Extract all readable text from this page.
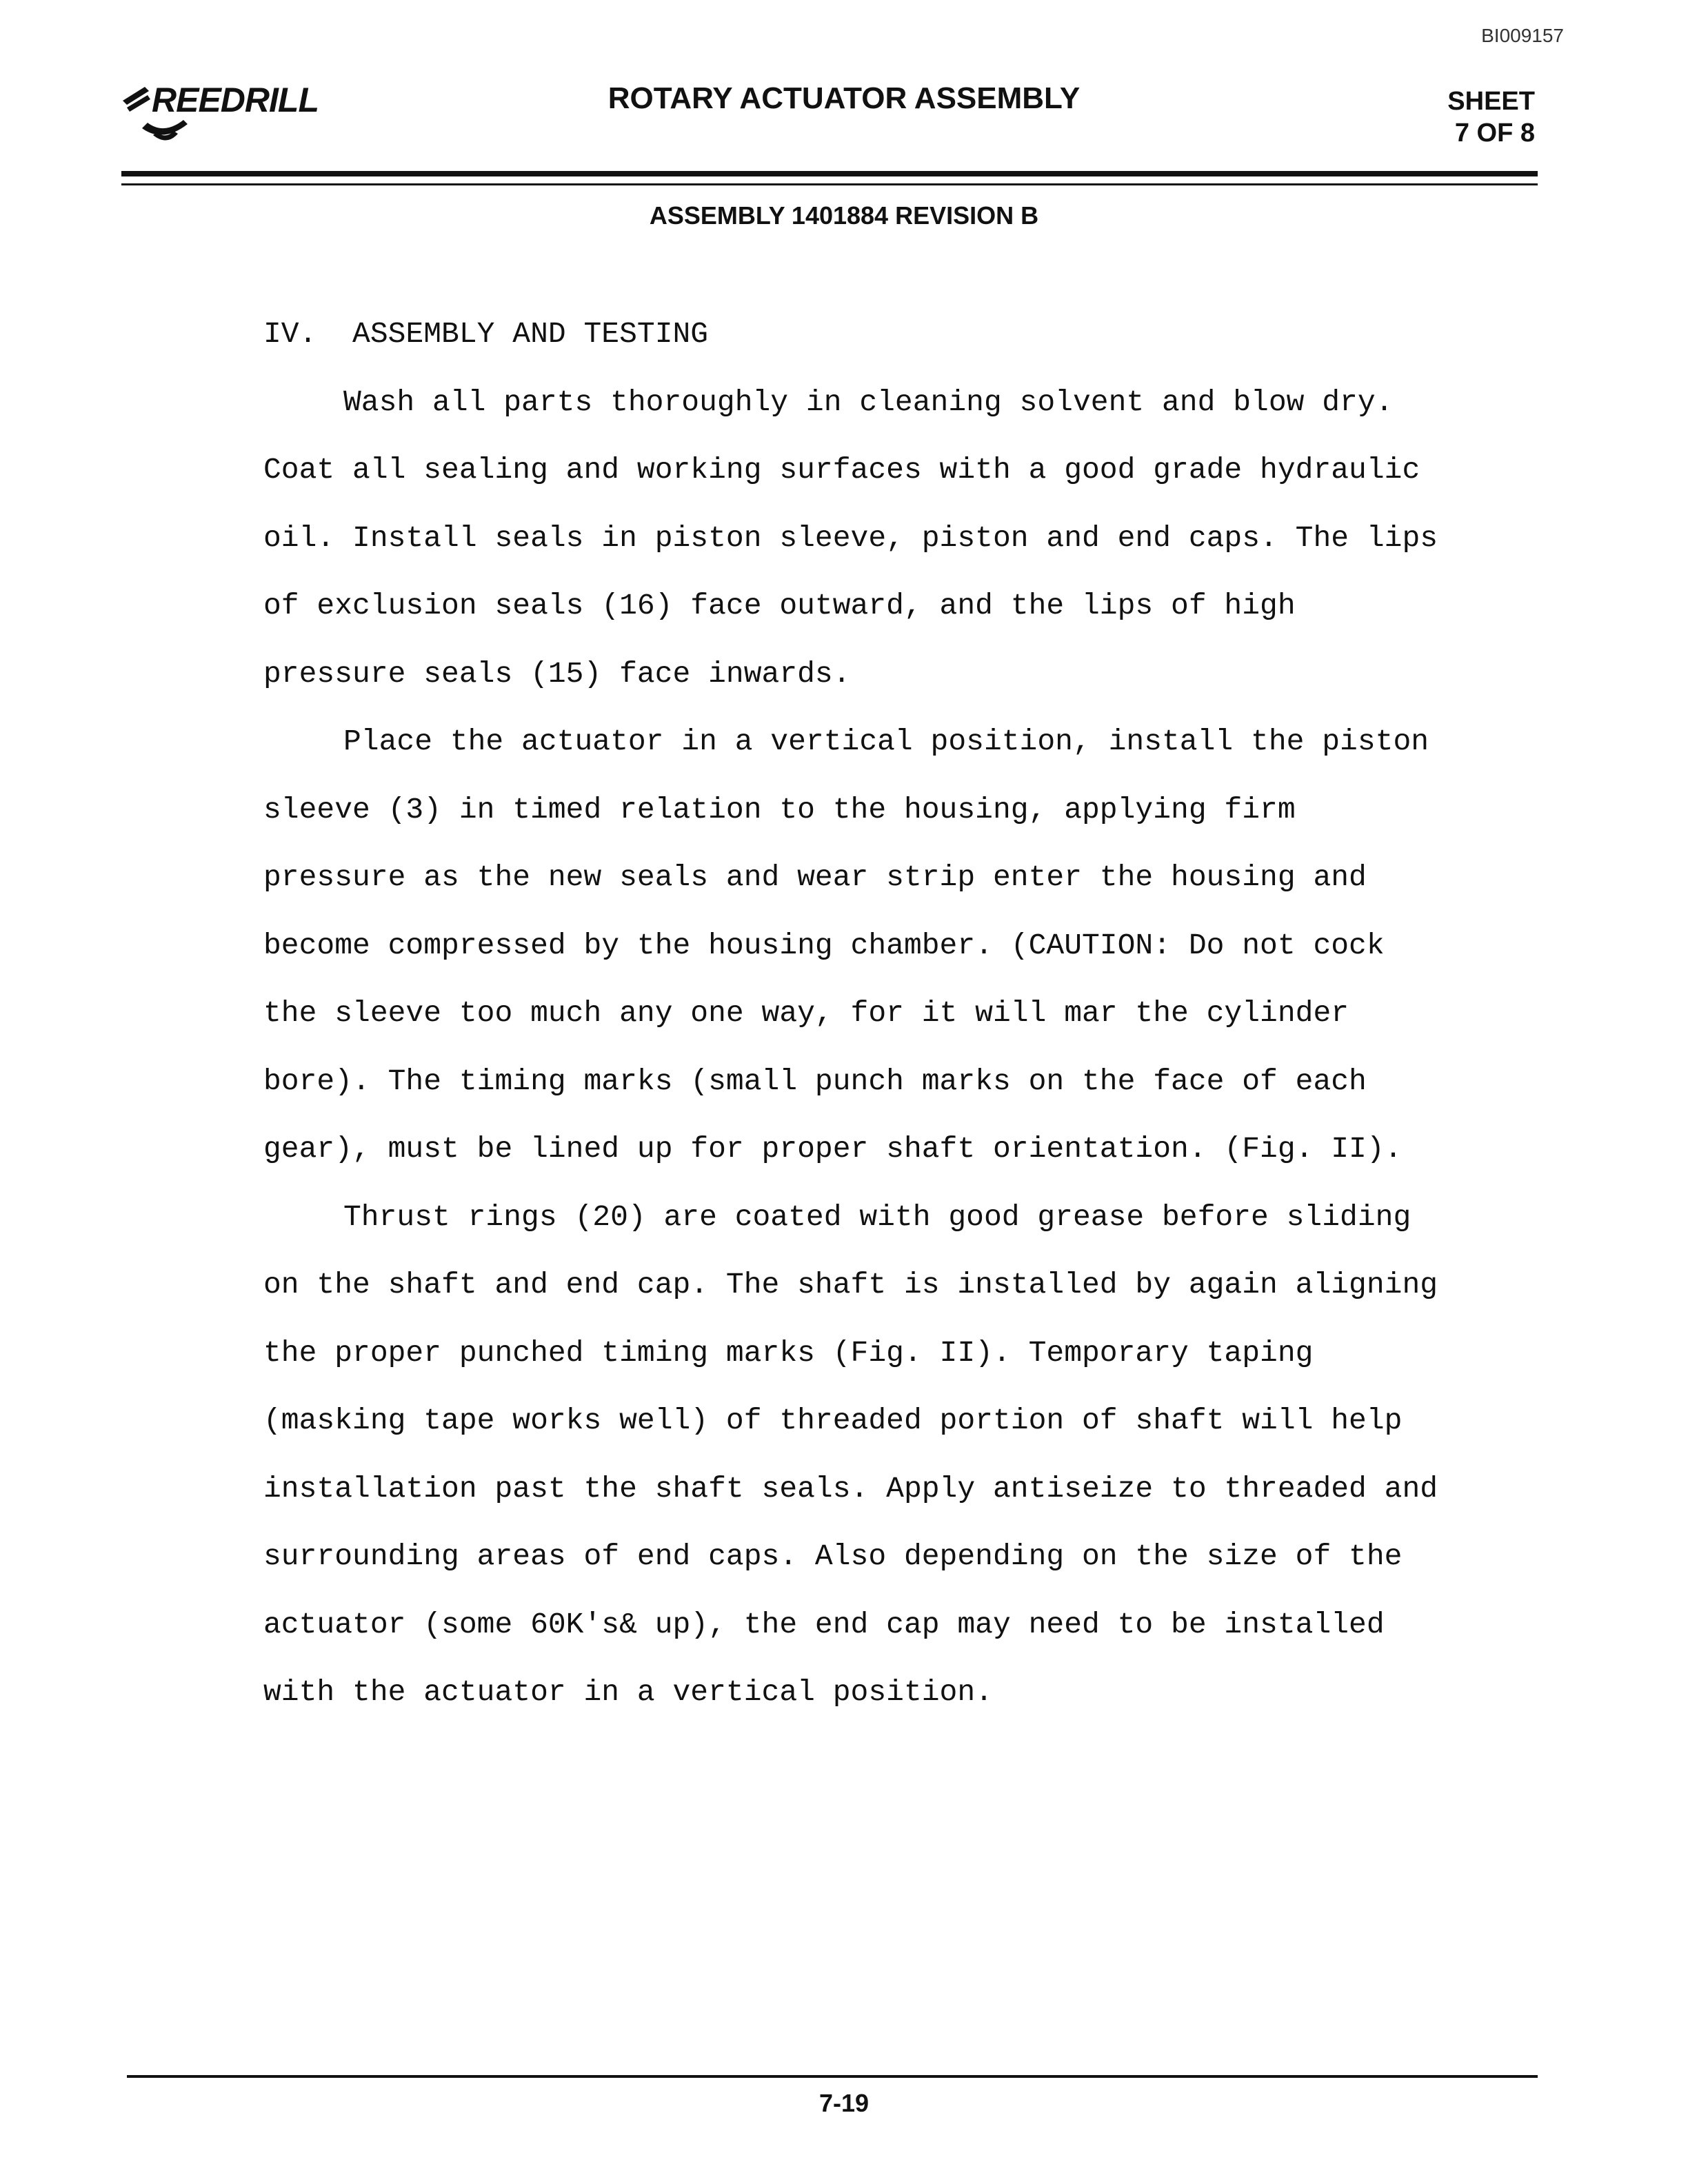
BI009157
REEDRILL	ROTARY ACTUATOR ASSEMBLY	SHEET
7 OF 8
ASSEMBLY 1401884 REVISION B
IV. ASSEMBLY AND TESTING

Wash all parts thoroughly in cleaning solvent and blow dry. Coat all sealing and working surfaces with a good grade hydraulic oil. Install seals in piston sleeve, piston and end caps. The lips of exclusion seals (16) face outward, and the lips of high pressure seals (15) face inwards.

Place the actuator in a vertical position, install the piston sleeve (3) in timed relation to the housing, applying firm pressure as the new seals and wear strip enter the housing and become compressed by the housing chamber. (CAUTION: Do not cock the sleeve too much any one way, for it will mar the cylinder bore). The timing marks (small punch marks on the face of each gear), must be lined up for proper shaft orientation. (Fig. II).

Thrust rings (20) are coated with good grease before sliding on the shaft and end cap. The shaft is installed by again aligning the proper punched timing marks (Fig. II). Temporary taping (masking tape works well) of threaded portion of shaft will help installation past the shaft seals. Apply antiseize to threaded and surrounding areas of end caps. Also depending on the size of the actuator (some 60K's& up), the end cap may need to be installed with the actuator in a vertical position.

7-19
